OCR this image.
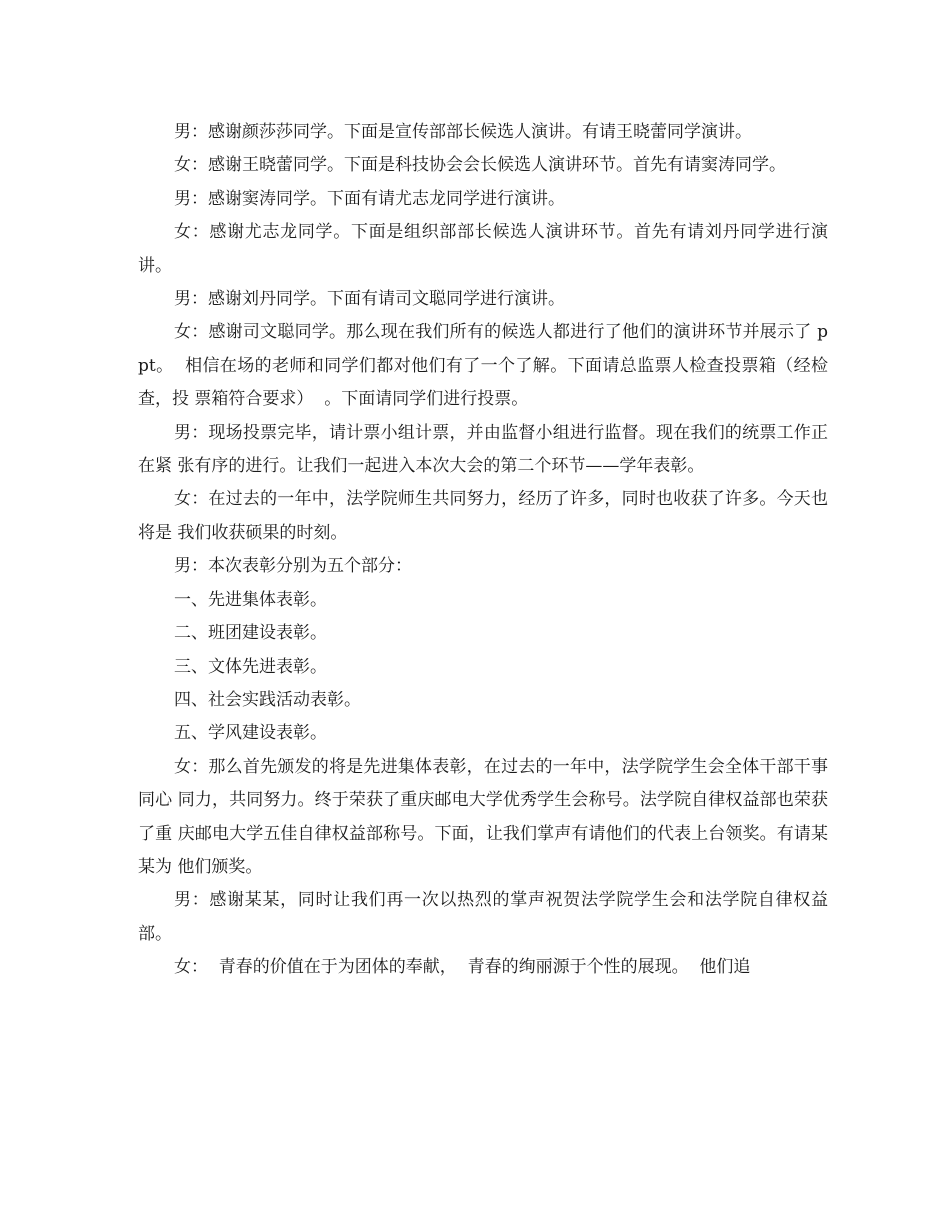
男：感谢颜莎莎同学。下面是宣传部部长候选人演讲。有请王晓蕾同学演讲。

女：感谢王晓蕾同学。下面是科技协会会长候选人演讲环节。首先有请窦涛同学。

男：感谢窦涛同学。下面有请尤志龙同学进行演讲。

女：感谢尤志龙同学。下面是组织部部长候选人演讲环节。首先有请刘丹同学进行演讲。

男：感谢刘丹同学。下面有请司文聪同学进行演讲。

女：感谢司文聪同学。那么现在我们所有的候选人都进行了他们的演讲环节并展示了 ppt。  相信在场的老师和同学们都对他们有了一个了解。下面请总监票人检查投票箱（经检查，投 票箱符合要求）  。下面请同学们进行投票。

男：现场投票完毕，请计票小组计票，并由监督小组进行监督。现在我们的统票工作正在紧 张有序的进行。让我们一起进入本次大会的第二个环节——学年表彰。

女：在过去的一年中，法学院师生共同努力，经历了许多，同时也收获了许多。今天也将是 我们收获硕果的时刻。

男：本次表彰分别为五个部分：

一、先进集体表彰。

二、班团建设表彰。

三、文体先进表彰。

四、社会实践活动表彰。

五、学风建设表彰。

女：那么首先颁发的将是先进集体表彰，在过去的一年中，法学院学生会全体干部干事同心 同力，共同努力。终于荣获了重庆邮电大学优秀学生会称号。法学院自律权益部也荣获了重 庆邮电大学五佳自律权益部称号。下面，让我们掌声有请他们的代表上台领奖。有请某某为 他们颁奖。

男：感谢某某，同时让我们再一次以热烈的掌声祝贺法学院学生会和法学院自律权益部。

女：  青春的价值在于为团体的奉献，  青春的绚丽源于个性的展现。  他们追
